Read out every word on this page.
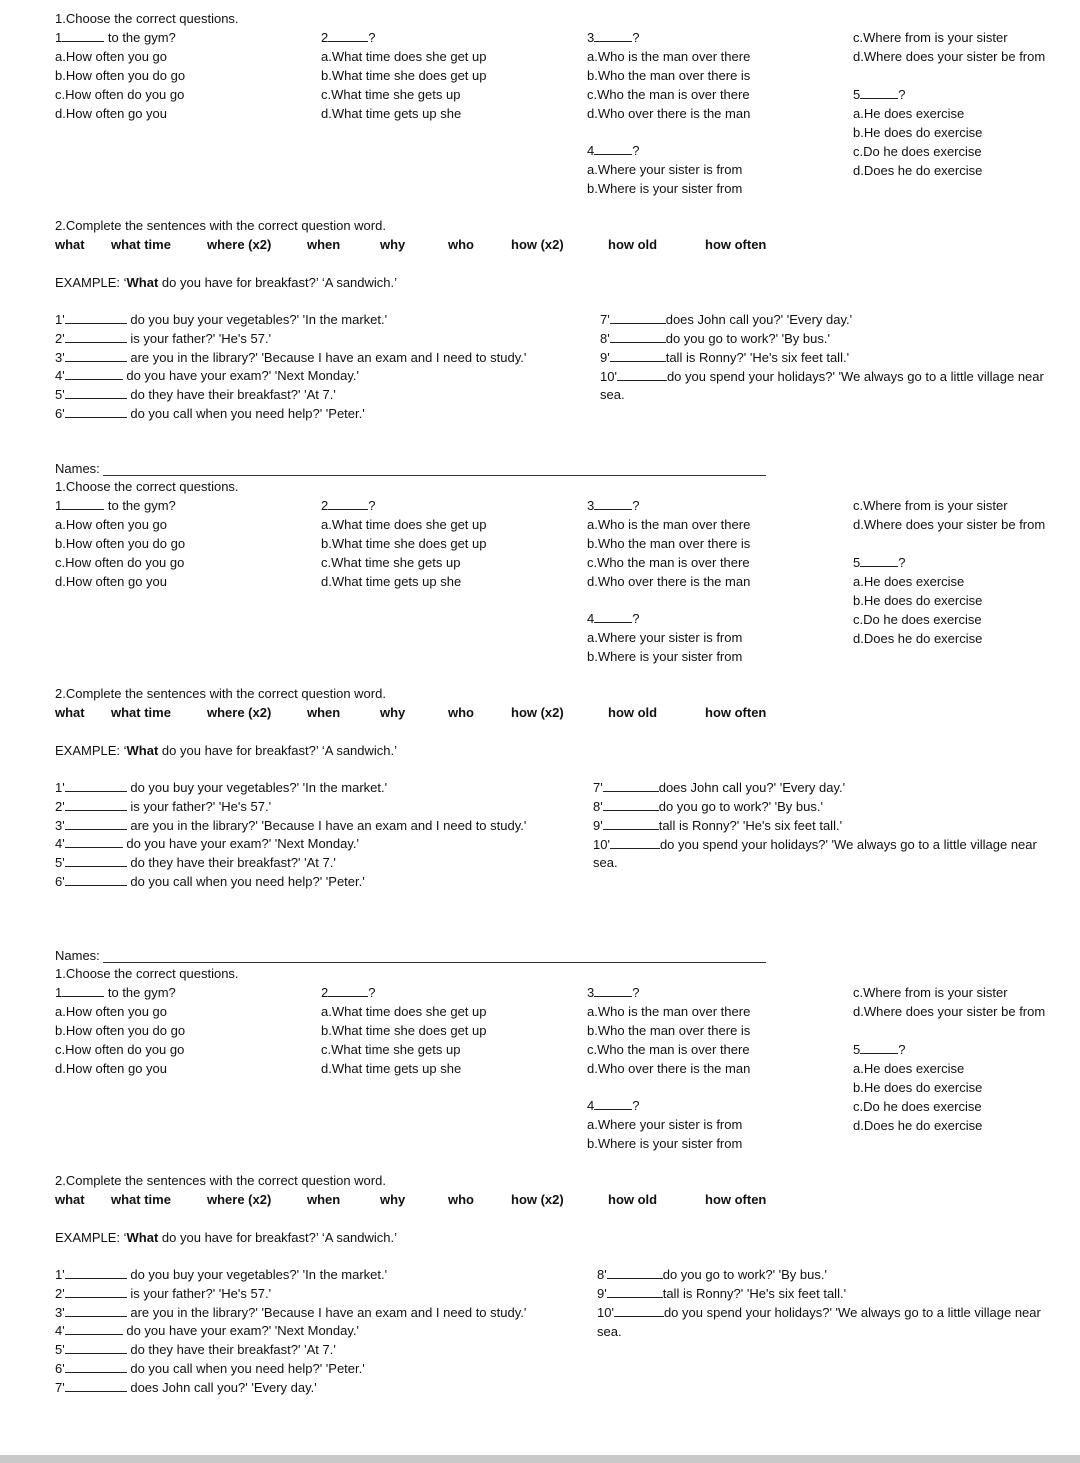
1.Choose the correct questions.
1	to the gym?
a.How often you go
b.How often you do go
c.How often do you go
d.How often go you
2	?
a.What time does she get up
b.What time she does get up
c.What time she gets up
d.What time gets up she
3	?
a.Who is the man over there
b.Who the man over there is
c.Who the man is over there
d.Who over there is the man
4	?
a.Where your sister is from
b.Where is your sister from
c.Where from is your sister
d.Where does your sister be from
5	?
a.He does exercise
b.He does do exercise
c.Do he does exercise
d.Does he do exercise
2.Complete the sentences with the correct question word.
what what time	where (x2)	when	why	who	how (x2)	how old	how often
EXAMPLE: ‘What do you have for breakfast?’ ‘A sandwich.’
1'	do you buy your vegetables?' 'In the market.'
2'	is your father?' 'He's 57.'
3'	are you in the library?' 'Because I have an exam and I need to study.'
4'	do you have your exam?' 'Next Monday.'
5'	do they have their breakfast?' 'At 7.'
6'	do you call when you need help?' 'Peter.'
7'	does John call you?' 'Every day.'
8'	do you go to work?' 'By bus.'
9'	tall is Ronny?' 'He's six feet tall.'
10'	do you spend your holidays?' 'We always go to a little village near
sea.
Names:
1.Choose the correct questions.
1	to the gym?
a.How often you go
b.How often you do go
c.How often do you go
d.How often go you
2	?
a.What time does she get up
b.What time she does get up
c.What time she gets up
d.What time gets up she
3	?
a.Who is the man over there
b.Who the man over there is
c.Who the man is over there
d.Who over there is the man
4	?
a.Where your sister is from
b.Where is your sister from
c.Where from is your sister
d.Where does your sister be from
5	?
a.He does exercise
b.He does do exercise
c.Do he does exercise
d.Does he do exercise
2.Complete the sentences with the correct question word.
what what time	where (x2)	when	why	who	how (x2)	how old	how often
EXAMPLE: ‘What do you have for breakfast?’ ‘A sandwich.’
1'	do you buy your vegetables?' 'In the market.'
2'	is your father?' 'He's 57.'
3'	are you in the library?' 'Because I have an exam and I need to study.'
4'	do you have your exam?' 'Next Monday.'
5'	do they have their breakfast?' 'At 7.'
6'	do you call when you need help?' 'Peter.'
7'	does John call you?' 'Every day.'
8'	do you go to work?' 'By bus.'
9'	tall is Ronny?' 'He's six feet tall.'
10'	do you spend your holidays?' 'We always go to a little village near
sea.
Names:
1.Choose the correct questions.
1	to the gym?
a.How often you go
b.How often you do go
c.How often do you go
d.How often go you
2	?
a.What time does she get up
b.What time she does get up
c.What time she gets up
d.What time gets up she
3	?
a.Who is the man over there
b.Who the man over there is
c.Who the man is over there
d.Who over there is the man
4	?
a.Where your sister is from
b.Where is your sister from
c.Where from is your sister
d.Where does your sister be from
5	?
a.He does exercise
b.He does do exercise
c.Do he does exercise
d.Does he do exercise
2.Complete the sentences with the correct question word.
what what time	where (x2)	when	why	who	how (x2)	how old	how often
EXAMPLE: ‘What do you have for breakfast?’ ‘A sandwich.’
1'	do you buy your vegetables?' 'In the market.'
2'	is your father?' 'He's 57.'
3'	are you in the library?' 'Because I have an exam and I need to study.'
4'	do you have your exam?' 'Next Monday.'
5'	do they have their breakfast?' 'At 7.'
6'	do you call when you need help?' 'Peter.'
7'	does John call you?' 'Every day.'
8'	do you go to work?' 'By bus.'
9'	tall is Ronny?' 'He's six feet tall.'
10'	do you spend your holidays?' 'We always go to a little village near
sea.
